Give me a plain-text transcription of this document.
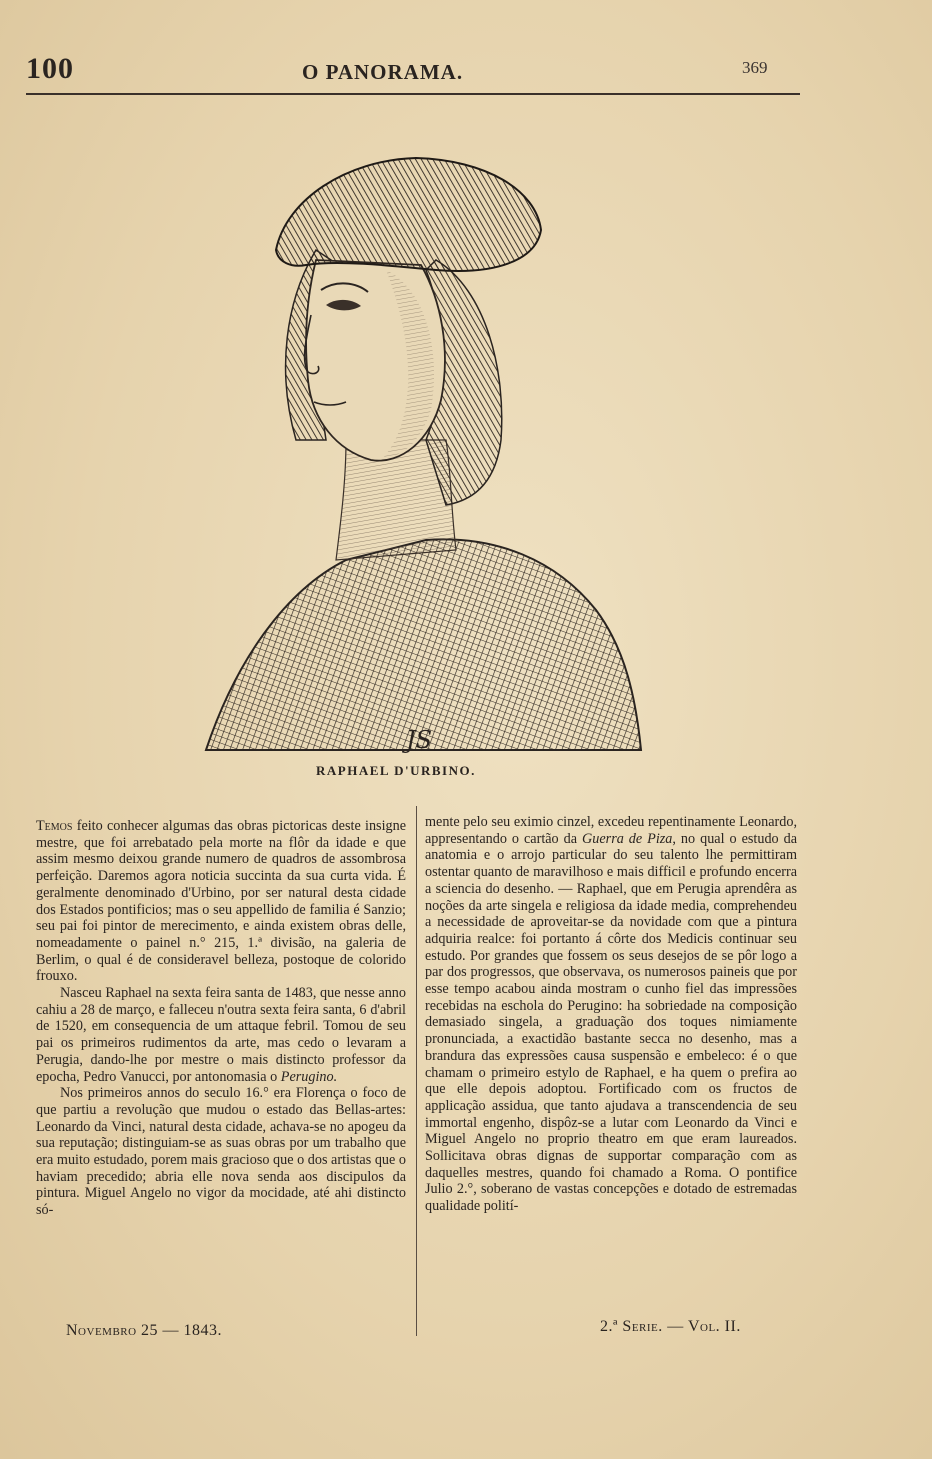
100	O PANORAMA.	369
JS
RAPHAEL D'URBINO.

Temos feito conhecer algumas das obras pictoricas deste insigne mestre, que foi arrebatado pela morte na flôr da idade e que assim mesmo deixou grande numero de quadros de assombrosa perfeição. Daremos agora noticia succinta da sua curta vida. É geralmente denominado d'Urbino, por ser natural desta cidade dos Estados pontificios; mas o seu appellido de familia é Sanzio; seu pai foi pintor de merecimento, e ainda existem obras delle, nomeadamente o painel n.° 215, 1.ª divisão, na galeria de Berlim, o qual é de consideravel belleza, postoque de colorido frouxo.

Nasceu Raphael na sexta feira santa de 1483, que nesse anno cahiu a 28 de março, e falleceu n'outra sexta feira santa, 6 d'abril de 1520, em consequencia de um attaque febril. Tomou de seu pai os primeiros rudimentos da arte, mas cedo o levaram a Perugia, dando-lhe por mestre o mais distincto professor da epocha, Pedro Vanucci, por antonomasia o Perugino.

Nos primeiros annos do seculo 16.° era Florença o foco de que partiu a revolução que mudou o estado das Bellas-artes: Leonardo da Vinci, natural desta cidade, achava-se no apogeu da sua reputação; distinguiam-se as suas obras por um trabalho que era muito estudado, porem mais gracioso que o dos artistas que o haviam precedido; abria elle nova senda aos discipulos da pintura. Miguel Angelo no vigor da mocidade, até ahi distincto só-

mente pelo seu eximio cinzel, excedeu repentinamente Leonardo, appresentando o cartão da Guerra de Piza, no qual o estudo da anatomia e o arrojo particular do seu talento lhe permittiram ostentar quanto de maravilhoso e mais difficil e profundo encerra a sciencia do desenho. — Raphael, que em Perugia aprendêra as noções da arte singela e religiosa da idade media, comprehendeu a necessidade de aproveitar-se da novidade com que a pintura adquiria realce: foi portanto á côrte dos Medicis continuar seu estudo. Por grandes que fossem os seus desejos de se pôr logo a par dos progressos, que observava, os numerosos paineis que por esse tempo acabou ainda mostram o cunho fiel das impressões recebidas na eschola do Perugino: ha sobriedade na composição demasiado singela, a graduação dos toques nimiamente pronunciada, a exactidão bastante secca no desenho, mas a brandura das expressões causa suspensão e embeleco: é o que chamam o primeiro estylo de Raphael, e ha quem o prefira ao que elle depois adoptou. Fortificado com os fructos de applicação assidua, que tanto ajudava a transcendencia de seu immortal engenho, dispôz-se a lutar com Leonardo da Vinci e Miguel Angelo no proprio theatro em que eram laureados. Sollicitava obras dignas de supportar comparação com as daquelles mestres, quando foi chamado a Roma. O pontifice Julio 2.°, soberano de vastas concepções e dotado de estremadas qualidade polití-

Novembro 25 — 1843.	2.ª Serie. — Vol. II.
